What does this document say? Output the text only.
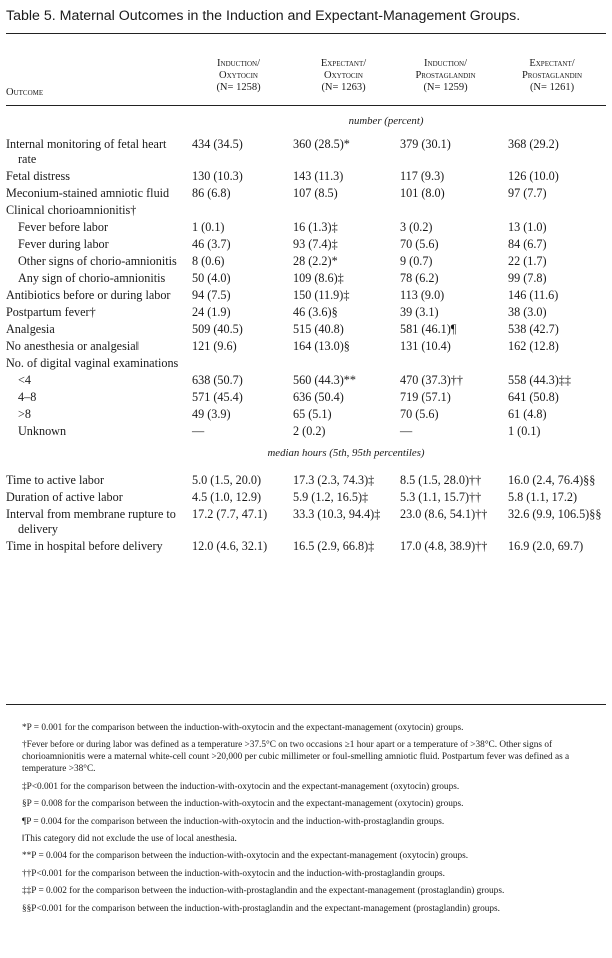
Table 5. Maternal Outcomes in the Induction and Expectant-Management Groups.
Outcome
Induction/
Oxytocin
(N= 1258)
Expectant/
Oxytocin
(N= 1263)
Induction/
Prostaglandin
(N= 1259)
Expectant/
Prostaglandin
(N= 1261)
number (percent)
Internal monitoring of fetal heart rate	434 (34.5)	360 (28.5)*	379 (30.1)	368 (29.2)

Fetal distress	130 (10.3)	143 (11.3)	117 (9.3)	126 (10.0)

Meconium-stained amniotic fluid	86 (6.8)	107 (8.5)	101 (8.0)	97 (7.7)

Clinical chorioamnionitis†				

Fever before labor	1 (0.1)	16 (1.3)‡	3 (0.2)	13 (1.0)

Fever during labor	46 (3.7)	93 (7.4)‡	70 (5.6)	84 (6.7)

Other signs of chorio-amnionitis	8 (0.6)	28 (2.2)*	9 (0.7)	22 (1.7)

Any sign of chorio-amnionitis	50 (4.0)	109 (8.6)‡	78 (6.2)	99 (7.8)

Antibiotics before or during labor	94 (7.5)	150 (11.9)‡	113 (9.0)	146 (11.6)

Postpartum fever†	24 (1.9)	46 (3.6)§	39 (3.1)	38 (3.0)

Analgesia	509 (40.5)	515 (40.8)	581 (46.1)¶	538 (42.7)

No anesthesia or analgesia‖	121 (9.6)	164 (13.0)§	131 (10.4)	162 (12.8)

No. of digital vaginal examinations				

<4	638 (50.7)	560 (44.3)**	470 (37.3)††	558 (44.3)‡‡

4–8	571 (45.4)	636 (50.4)	719 (57.1)	641 (50.8)

>8	49 (3.9)	65 (5.1)	70 (5.6)	61 (4.8)

Unknown	—	2 (0.2)	—	1 (0.1)

median hours (5th, 95th percentiles)				

Time to active labor	5.0 (1.5, 20.0)	17.3 (2.3, 74.3)‡	8.5 (1.5, 28.0)††	16.0 (2.4, 76.4)§§

Duration of active labor	4.5 (1.0, 12.9)	5.9 (1.2, 16.5)‡	5.3 (1.1, 15.7)††	5.8 (1.1, 17.2)

Interval from membrane rupture to delivery	17.2 (7.7, 47.1)	33.3 (10.3, 94.4)‡	23.0 (8.6, 54.1)††	32.6 (9.9, 106.5)§§

Time in hospital before delivery	12.0 (4.6, 32.1)	16.5 (2.9, 66.8)‡	17.0 (4.8, 38.9)††	16.9 (2.0, 69.7)

*P = 0.001 for the comparison between the induction-with-oxytocin and the expectant-management (oxytocin) groups.

†Fever before or during labor was defined as a temperature >37.5°C on two occasions ≥1 hour apart or a temperature of >38°C. Other signs of chorioamnionitis were a maternal white-cell count >20,000 per cubic millimeter or foul-smelling amniotic fluid. Postpartum fever was defined as a temperature >38°C.

‡P<0.001 for the comparison between the induction-with-oxytocin and the expectant-management (oxytocin) groups.

§P = 0.008 for the comparison between the induction-with-oxytocin and the expectant-management (oxytocin) groups.

¶P = 0.004 for the comparison between the induction-with-oxytocin and the induction-with-prostaglandin groups.

‖This category did not exclude the use of local anesthesia.

**P = 0.004 for the comparison between the induction-with-oxytocin and the expectant-management (oxytocin) groups.

††P<0.001 for the comparison between the induction-with-oxytocin and the induction-with-prostaglandin groups.

‡‡P = 0.002 for the comparison between the induction-with-prostaglandin and the expectant-management (prostaglandin) groups.

§§P<0.001 for the comparison between the induction-with-prostaglandin and the expectant-management (prostaglandin) groups.
